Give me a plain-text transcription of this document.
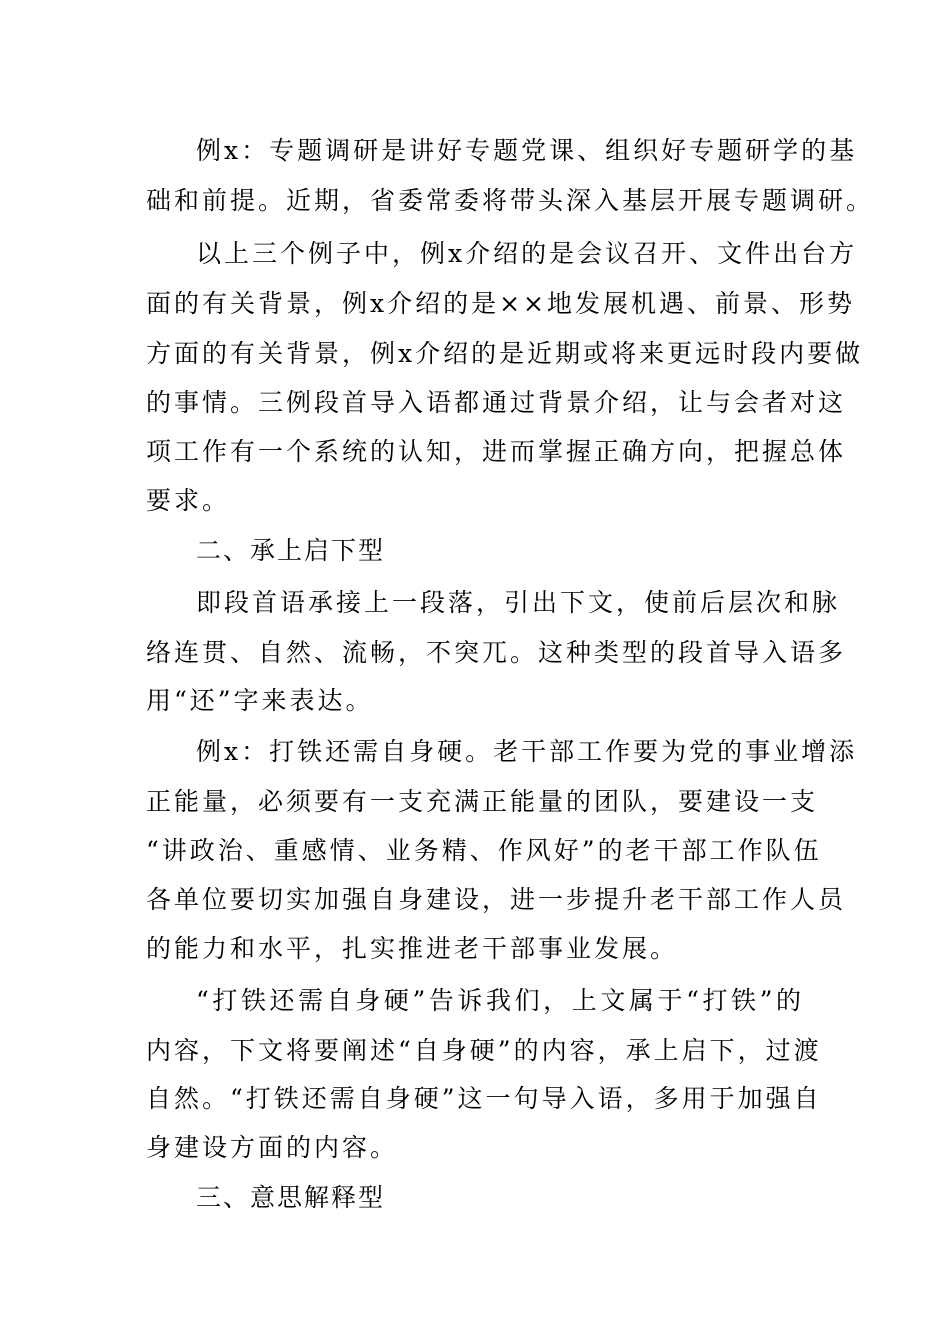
例x：专题调研是讲好专题党课、组织好专题研学的基
础和前提。近期，省委常委将带头深入基层开展专题调研。
以上三个例子中，例x介绍的是会议召开、文件出台方
面的有关背景，例x介绍的是××地发展机遇、前景、形势
方面的有关背景，例x介绍的是近期或将来更远时段内要做
的事情。三例段首导入语都通过背景介绍，让与会者对这
项工作有一个系统的认知，进而掌握正确方向，把握总体
要求。
二、承上启下型
即段首语承接上一段落，引出下文，使前后层次和脉
络连贯、自然、流畅，不突兀。这种类型的段首导入语多
用“还”字来表达。
例x：打铁还需自身硬。老干部工作要为党的事业增添
正能量，必须要有一支充满正能量的团队，要建设一支
“讲政治、重感情、业务精、作风好”的老干部工作队伍
各单位要切实加强自身建设，进一步提升老干部工作人员
的能力和水平，扎实推进老干部事业发展。
“打铁还需自身硬”告诉我们，上文属于“打铁”的
内容，下文将要阐述“自身硬”的内容，承上启下，过渡
自然。“打铁还需自身硬”这一句导入语，多用于加强自
身建设方面的内容。
三、意思解释型
